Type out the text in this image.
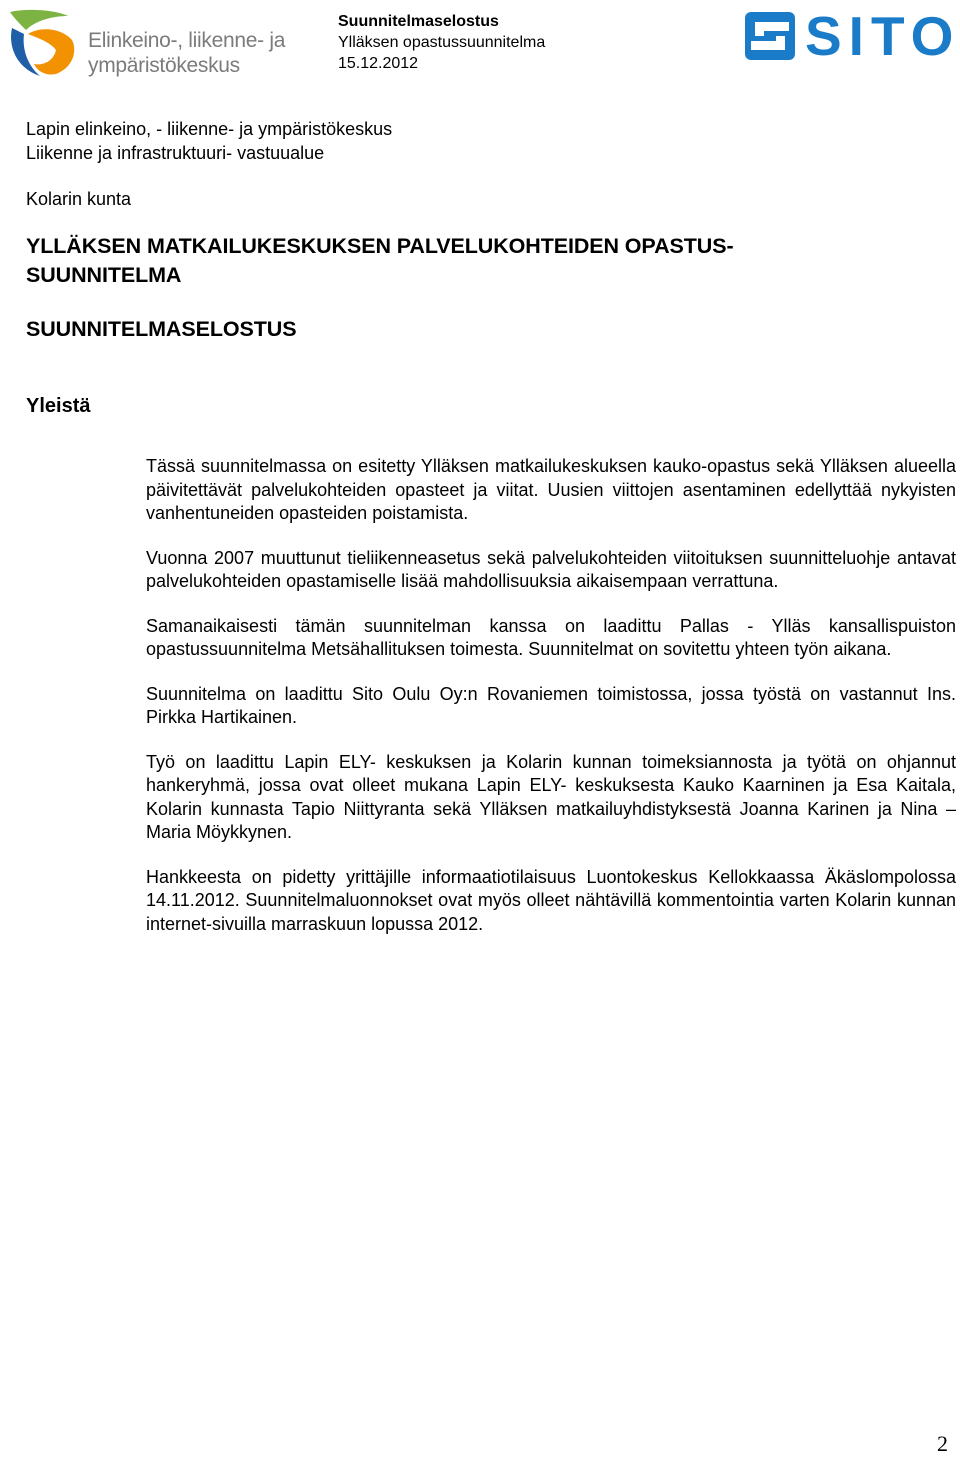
Elinkeino-, liikenne- ja
ympäristökeskus
Suunnitelmaselostus
Ylläksen opastussuunnitelma
15.12.2012	SITO
Lapin elinkeino, - liikenne- ja ympäristökeskus
Liikenne ja infrastruktuuri- vastuualue
Kolarin kunta
YLLÄKSEN MATKAILUKESKUKSEN PALVELUKOHTEIDEN OPASTUS-
SUUNNITELMA
SUUNNITELMASELOSTUS
Yleistä

Tässä suunnitelmassa on esitetty Ylläksen matkailukeskuksen kauko-opastus sekä Ylläksen alueella päivitettävät palvelukohteiden opasteet ja viitat. Uusien viittojen asentaminen edellyttää nykyisten vanhentuneiden opasteiden poistamista.

Vuonna 2007 muuttunut tieliikenneasetus sekä palvelukohteiden viitoituksen suunnitteluohje antavat palvelukohteiden opastamiselle lisää mahdollisuuksia aikaisempaan verrattuna.

Samanaikaisesti tämän suunnitelman kanssa on laadittu Pallas - Ylläs kansallispuiston opastussuunnitelma Metsähallituksen toimesta. Suunnitelmat on sovitettu yhteen työn aikana.

Suunnitelma on laadittu Sito Oulu Oy:n Rovaniemen toimistossa, jossa työstä on vastannut Ins. Pirkka Hartikainen.

Työ on laadittu Lapin ELY- keskuksen ja Kolarin kunnan toimeksiannosta ja työtä on ohjannut hankeryhmä, jossa ovat olleet mukana Lapin ELY- keskuksesta Kauko Kaarninen ja Esa Kaitala, Kolarin kunnasta Tapio Niittyranta sekä Ylläksen matkailuyhdistyksestä Joanna Karinen ja Nina – Maria Möykkynen.

Hankkeesta on pidetty yrittäjille informaatiotilaisuus Luontokeskus Kellokkaassa Äkäslompolossa 14.11.2012. Suunnitelmaluonnokset ovat myös olleet nähtävillä kommentointia varten Kolarin kunnan internet-sivuilla marraskuun lopussa 2012.

2
